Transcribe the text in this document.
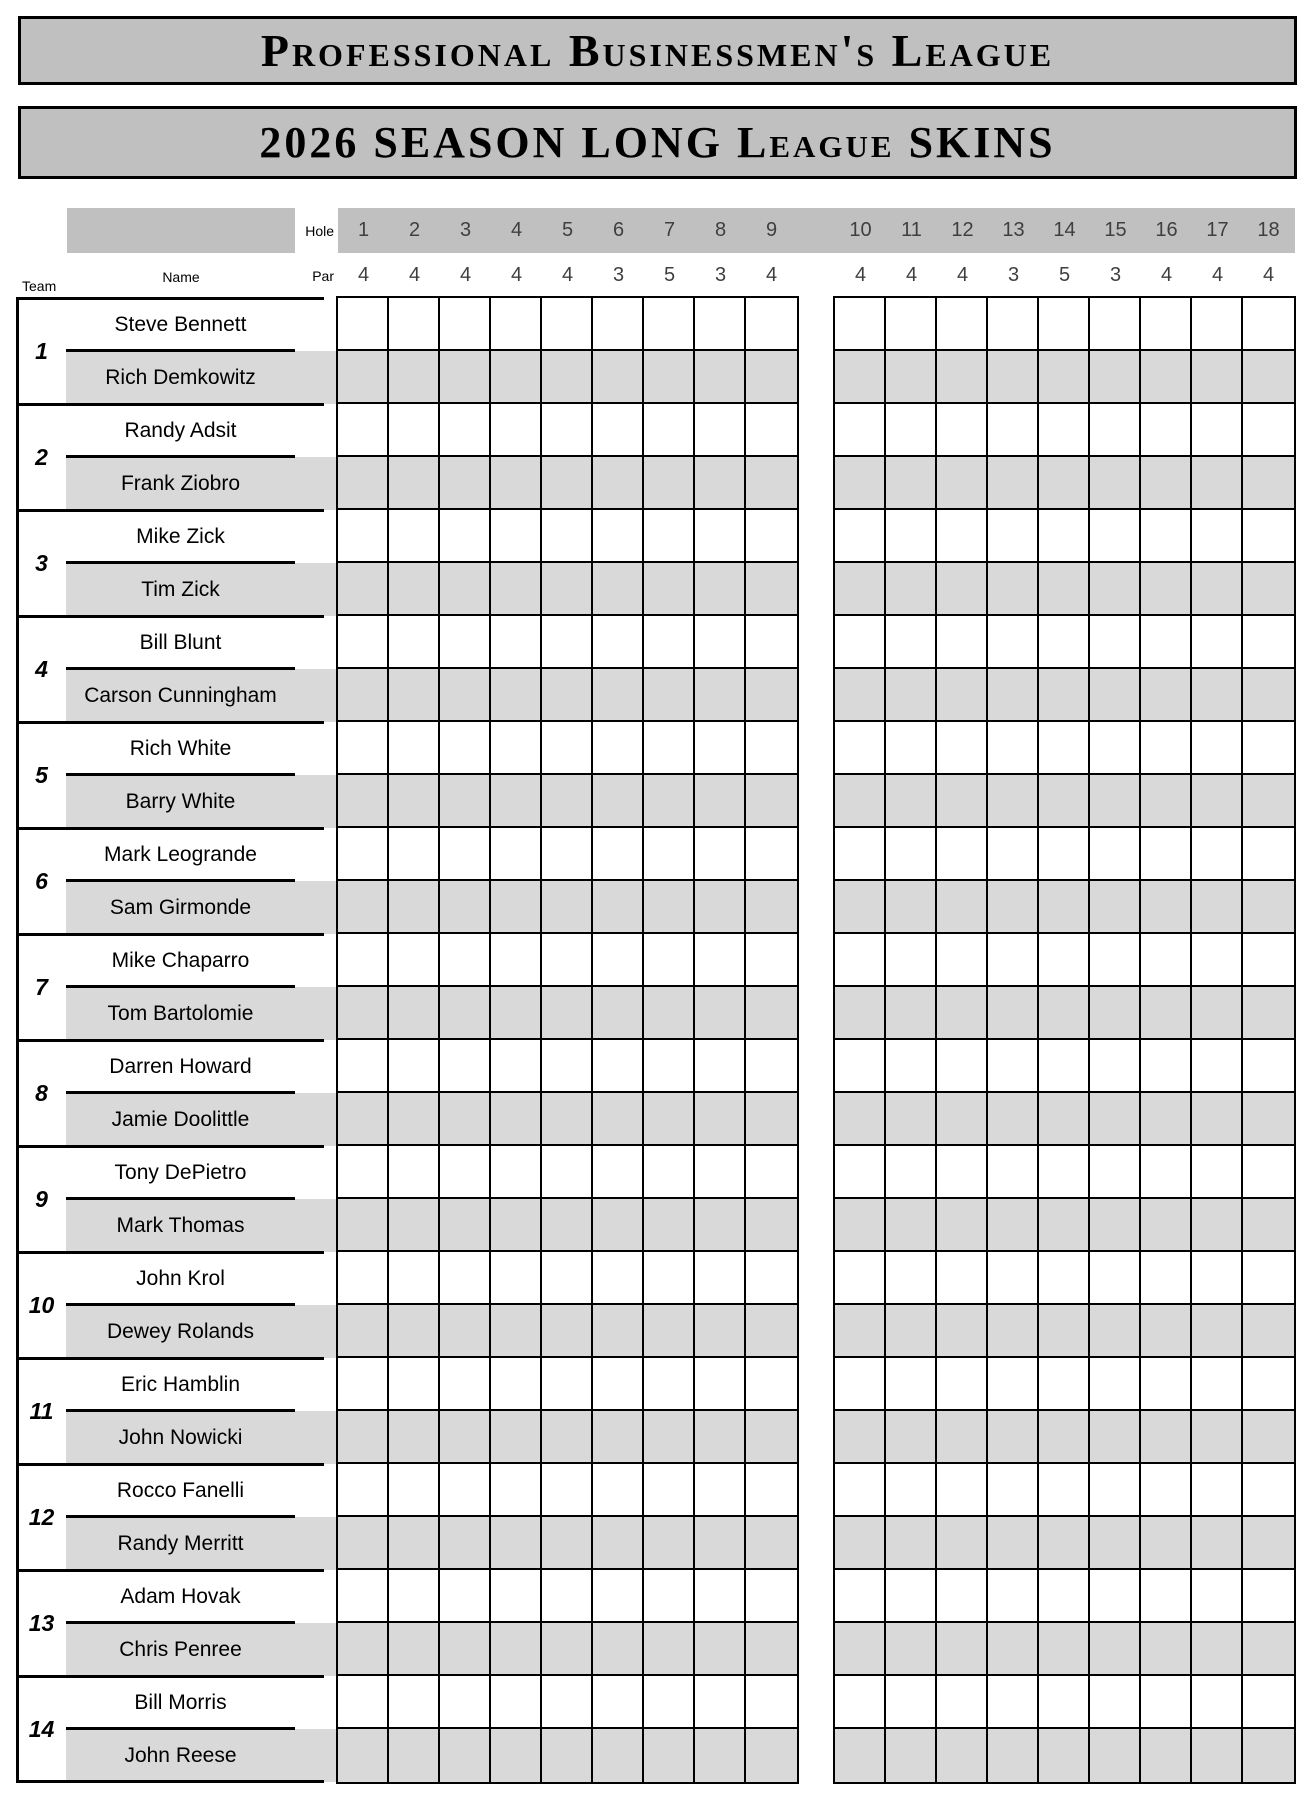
Professional Businessmen's League
2026 SEASON LONG League SKINS
Hole
Par
Team
Name
1
4
2
4
3
4
4
4
5
4
6
3
7
5
8
3
9
4
10
4
11
4
12
4
13
3
14
5
15
3
16
4
17
4
18
4
1
Steve Bennett
Rich Demkowitz
2
Randy Adsit
Frank Ziobro
3
Mike Zick
Tim Zick
4
Bill Blunt
Carson Cunningham
5
Rich White
Barry White
6
Mark Leogrande
Sam Girmonde
7
Mike Chaparro
Tom Bartolomie
8
Darren Howard
Jamie Doolittle
9
Tony DePietro
Mark Thomas
10
John Krol
Dewey Rolands
11
Eric Hamblin
John Nowicki
12
Rocco Fanelli
Randy Merritt
13
Adam Hovak
Chris Penree
14
Bill Morris
John Reese
